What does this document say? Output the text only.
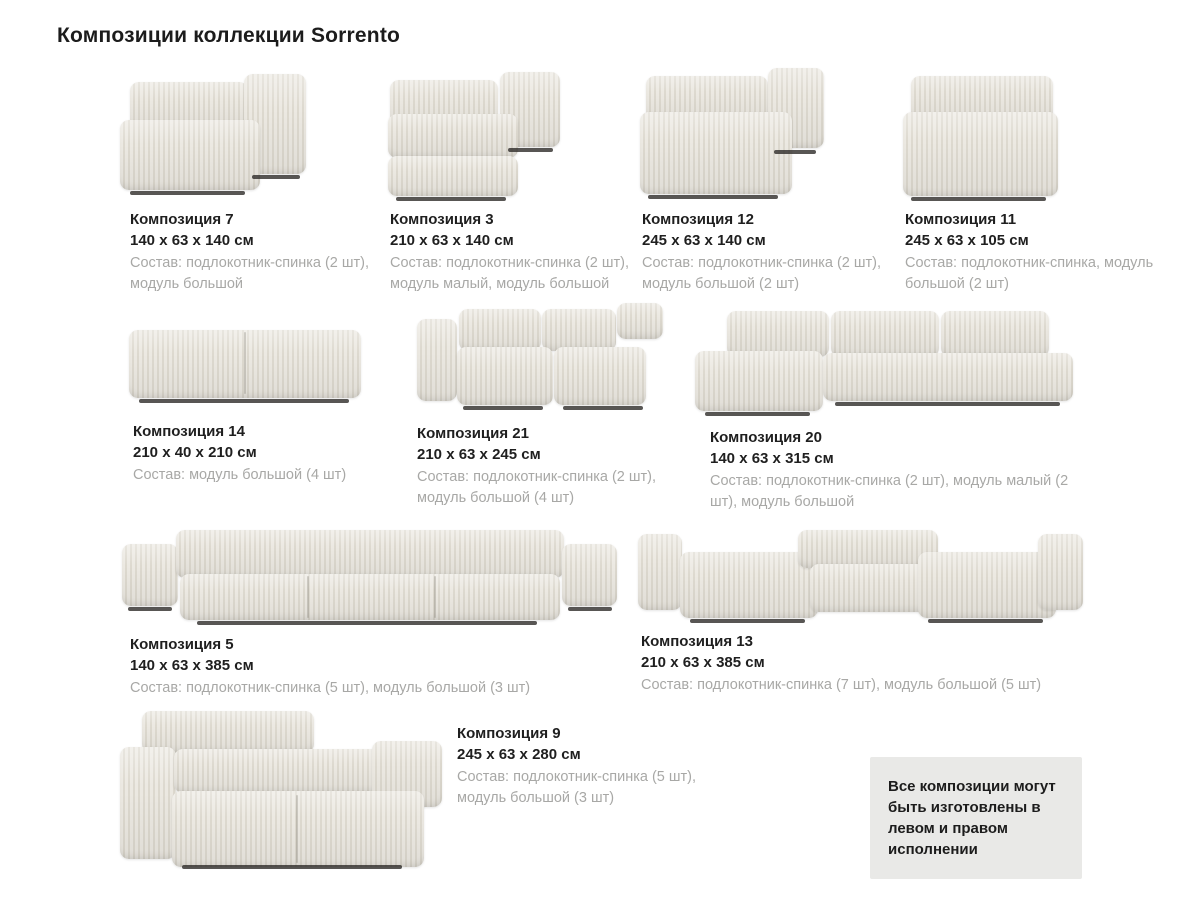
Композиции коллекции Sorrento
Композиция 7
140 x 63 x 140 см
Состав: подлокотник-спинка (2 шт), модуль большой
Композиция 3
210 x 63 x 140 см
Состав: подлокотник-спинка (2 шт), модуль малый, модуль большой
Композиция 12
245 x 63 x 140 см
Состав: подлокотник-спинка (2 шт), модуль большой (2 шт)
Композиция 11
245 x 63 x 105 см
Состав: подлокотник-спинка, модуль большой (2 шт)
Композиция 14
210 x 40 x 210 см
Состав: модуль большой (4 шт)
Композиция 21
210 x 63 x 245 см
Состав: подлокотник-спинка (2 шт), модуль большой (4 шт)
Композиция 20
140 x 63 x 315 см
Состав: подлокотник-спинка (2 шт), модуль малый (2 шт), модуль большой
Композиция 5
140 x 63 x 385 см
Состав: подлокотник-спинка (5 шт), модуль большой (3 шт)
Композиция 13
210 x 63 x 385 см
Состав: подлокотник-спинка (7 шт), модуль большой (5 шт)
Композиция 9
245 x 63 x 280 см
Состав: подлокотник-спинка (5 шт), модуль большой (3 шт)
Все композиции могут быть изготовлены в левом и правом исполнении
